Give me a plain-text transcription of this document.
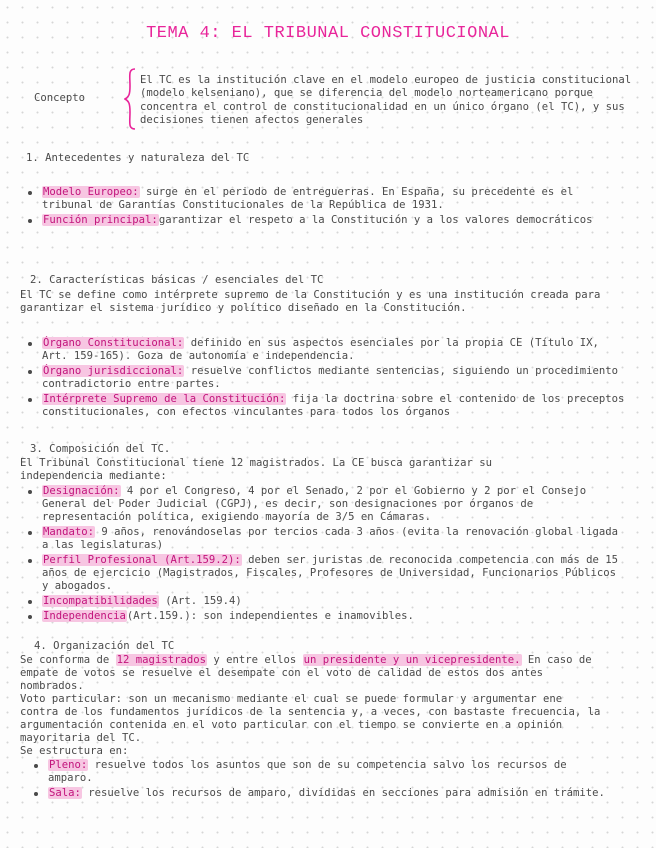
TEMA 4: EL TRIBUNAL CONSTITUCIONAL
Concepto

El TC es la institución clave en el modelo europeo de justicia constitucional (modelo kelseniano), que se diferencia del modelo norteamericano porque concentra el control de constitucionalidad en un único órgano (el TC), y sus decisiones tienen afectos generales

1. Antecedentes y naturaleza del TC
Modelo Europeo: surge en el periodo de entreguerras. En España, su precedente es el tribunal de Garantías Constitucionales de la República de 1931.
Función principal:garantizar el respeto a la Constitución y a los valores democráticos
2. Características básicas / esenciales del TC

El TC se define como intérprete supremo de la Constitución y es una institución creada para garantizar el sistema jurídico y político diseñado en la Constitución.

Órgano Constitucional: definido en sus aspectos esenciales por la propia CE (Título IX, Art. 159-165). Goza de autonomía e independencia.
Órgano jurisdiccional: resuelve conflictos mediante sentencias, siguiendo un procedimiento contradictorio entre partes.
Intérprete Supremo de la Constitución: fija la doctrina sobre el contenido de los preceptos constitucionales, con efectos vinculantes para todos los órganos
3. Composición del TC.

El Tribunal Constitucional tiene 12 magistrados. La CE busca garantizar su independencia mediante:

Designación: 4 por el Congreso, 4 por el Senado, 2 por el Gobierno y 2 por el Consejo General del Poder Judicial (CGPJ), es decir, son designaciones por órganos de representación política, exigiendo mayoría de 3/5 en Cámaras.
Mandato: 9 años, renovándoselas por tercios cada 3 años (evita la renovación global ligada a las legislaturas)
Perfil Profesional (Art.159.2): deben ser juristas de reconocida competencia con más de 15 años de ejercicio (Magistrados, Fiscales, Profesores de Universidad, Funcionarios Públicos y abogados.
Incompatibilidades (Art. 159.4)
Independencia(Art.159.): son independientes e inamovibles.
4. Organización del TC

Se conforma de 12 magistrados y entre ellos un presidente y un vicepresidente. En caso de empate de votos se resuelve el desempate con el voto de calidad de estos dos antes nombrados.

Voto particular: son un mecanismo mediante el cual se puede formular y argumentar ene contra de los fundamentos jurídicos de la sentencia y, a veces, con bastaste frecuencia, la argumentación contenida en el voto particular con el tiempo se convierte en a opinión mayoritaria del TC.

Se estructura en:

Pleno: resuelve todos los asuntos que son de su competencia salvo los recursos de amparo.
Sala: resuelve los recursos de amparo, divididas en secciones para admisión en trámite.
